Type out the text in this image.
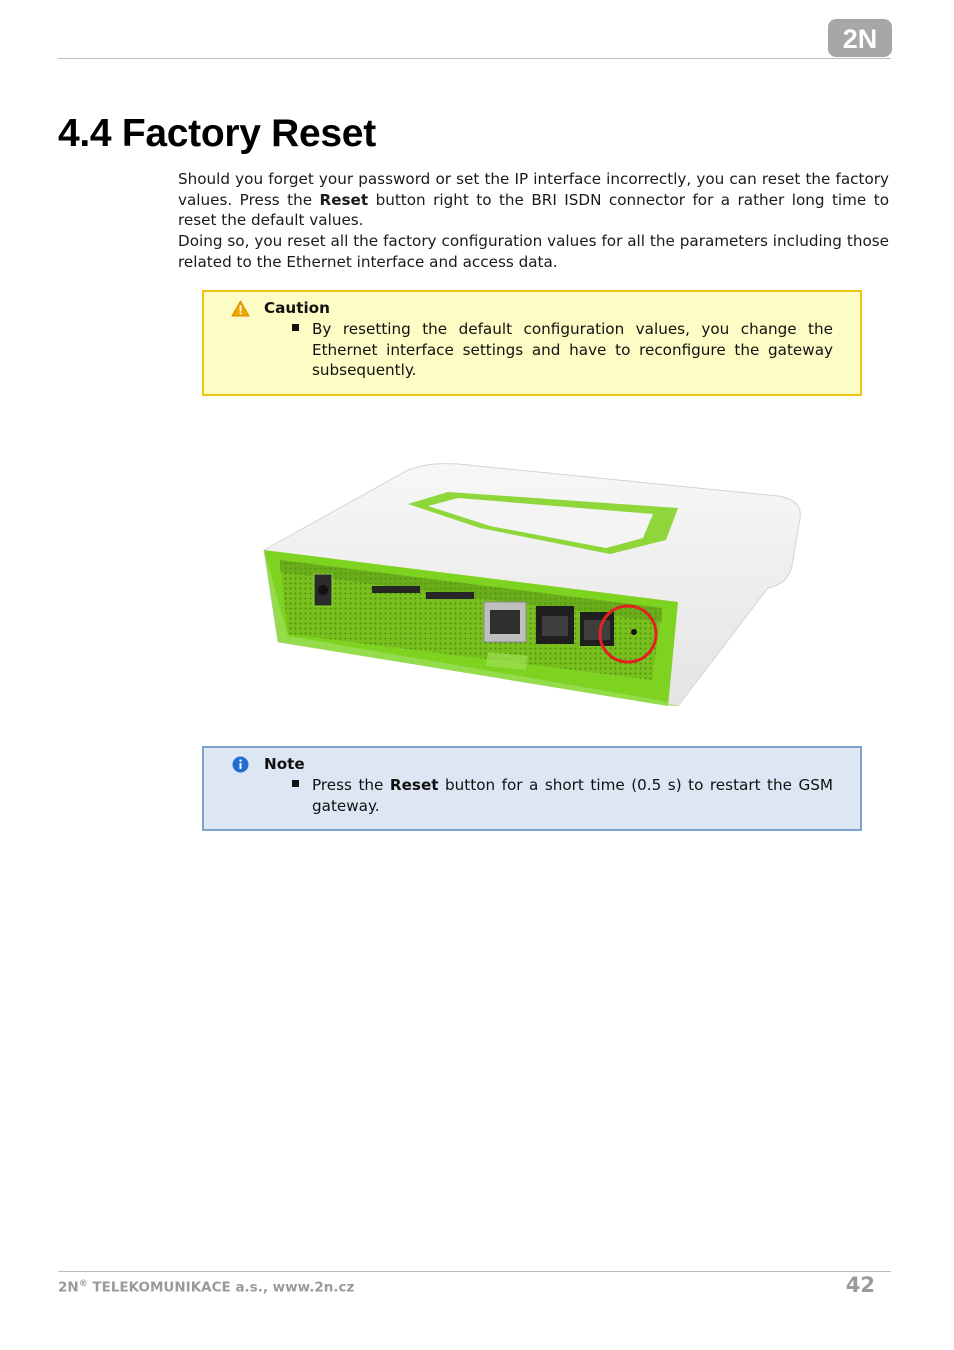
2N
4.4 Factory Reset

Should you forget your password or set the IP interface incorrectly, you can reset the factory values. Press the Reset button right to the BRI ISDN connector for a rather long time to reset the default values.

Doing so, you reset all the factory configuration values for all the parameters including those related to the Ethernet interface and access data.

Caution
By resetting the default configuration values, you change the Ethernet interface settings and have to reconfigure the gateway subsequently.
Note
Press the Reset button for a short time (0.5 s) to restart the GSM gateway.
2N® TELEKOMUNIKACE a.s., www.2n.cz	42
